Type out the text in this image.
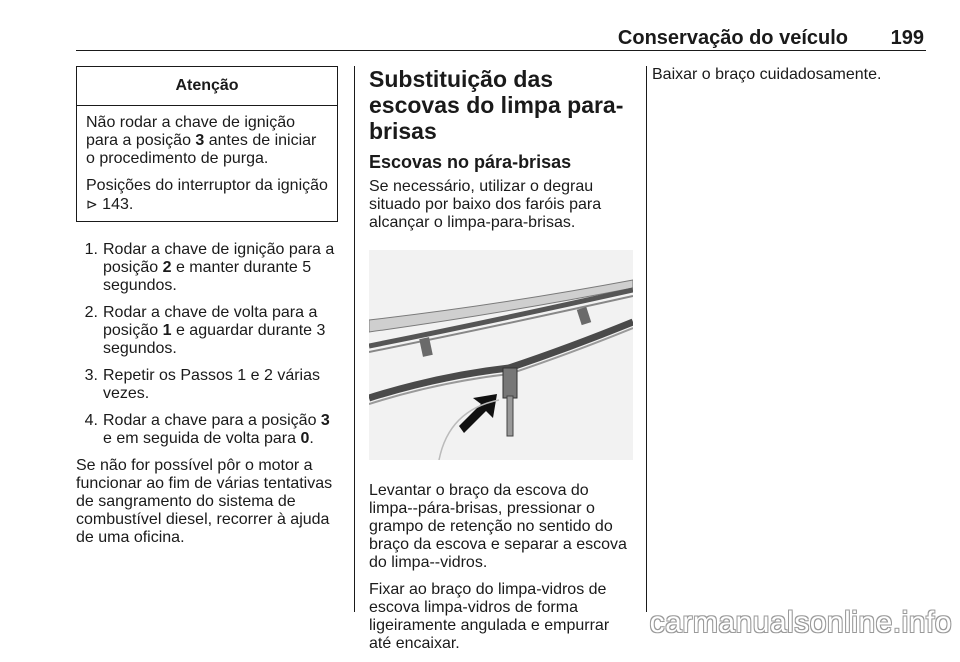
Conservação do veículo 199
Atenção

Não rodar a chave de ignição para a posição 3 antes de iniciar o procedimento de purga.

Posições do interruptor da ignição ⊳ 143.

1. Rodar a chave de ignição para a posição 2 e manter durante 5 segundos.
2. Rodar a chave de volta para a posição 1 e aguardar durante 3 segundos.
3. Repetir os Passos 1 e 2 várias vezes.
4. Rodar a chave para a posição 3 e em seguida de volta para 0.

Se não for possível pôr o motor a funcionar ao fim de várias tentativas de sangramento do sistema de combustível diesel, recorrer à ajuda de uma oficina.

Substituição das escovas do limpa para-brisas
Escovas no pára-brisas

Se necessário, utilizar o degrau situado por baixo dos faróis para alcançar o limpa-para-brisas.

Levantar o braço da escova do limpa--pára-brisas, pressionar o grampo de retenção no sentido do braço da escova e separar a escova do limpa--vidros.

Fixar ao braço do limpa-vidros de escova limpa-vidros de forma ligeiramente angulada e empurrar até encaixar.

Baixar o braço cuidadosamente.

carmanualsonline.info
